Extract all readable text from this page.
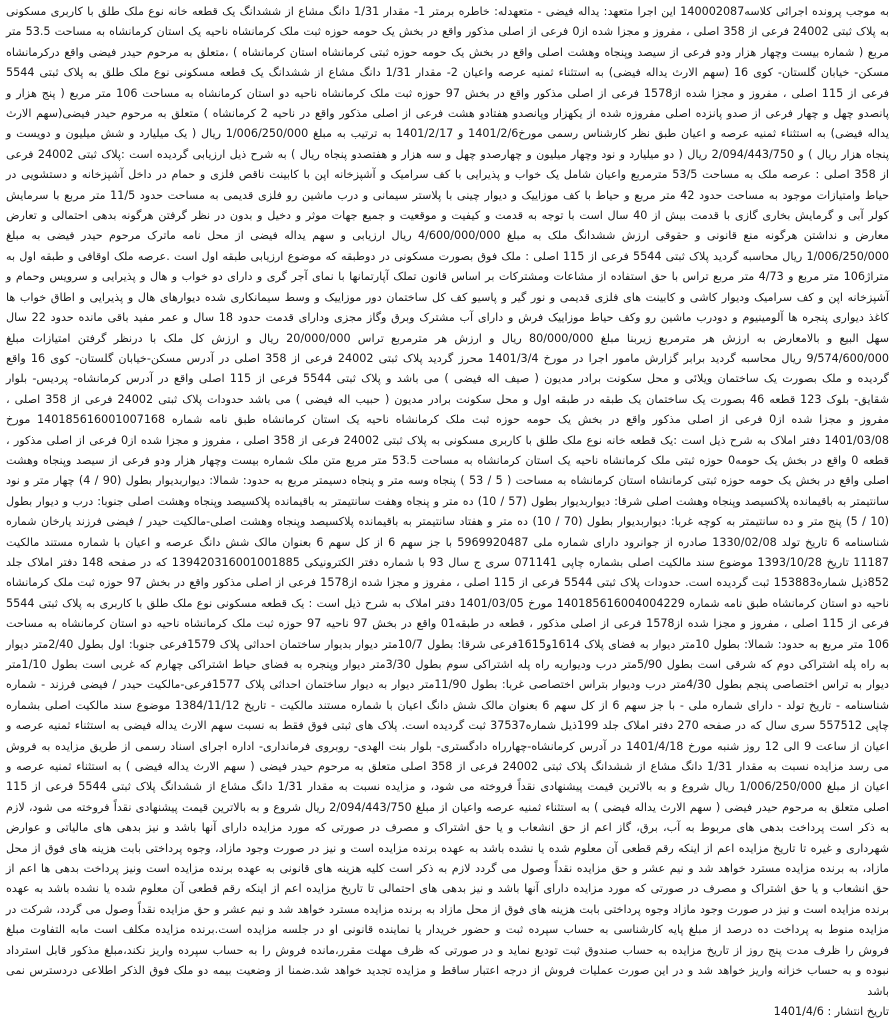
به موجب پرونده اجرائی کلاسه140002087 این اجرا متعهد: یداله فیضی - متعهدله: خاطره برمتر 1- مقدار 1/31 دانگ مشاع از ششدانگ یک قطعه خانه نوع ملک طلق با کاربری مسکونی به پلاک ثبتی 24002 فرعی از 358 اصلی ، مفروز و مجزا شده از0 فرعی از اصلی مذکور واقع در بخش یک حومه حوزه ثبت ملک کرمانشاه ناحیه یک استان کرمانشاه به مساحت 53.5 متر مربع ( شماره بیست وچهار هزار ودو فرعی از سیصد وپنجاه وهشت اصلی واقع در بخش یک حومه حوزه ثبتی کرمانشاه استان کرمانشاه ) ،متعلق به مرحوم حیدر فیضی واقع درکرمانشاه مسکن- خیابان گلستان- کوی 16 (سهم الارث یداله فیضی) به استثناء ثمنیه عرصه واعیان 2- مقدار 1/31 دانگ مشاع از ششدانگ یک قطعه مسکونی نوع ملک طلق به پلاک ثبتی 5544 فرعی از 115 اصلی ، مفروز و مجزا شده از1578 فرعی از اصلی مذکور واقع در بخش 97 حوزه ثبت ملک کرمانشاه ناحیه دو استان کرمانشاه به مساحت 106 متر مربع ( پنج هزار و پانصدو چهل و چهار فرعی از صدو پانزده اصلی مفروزه شده از یکهزار وپانصدو هفتادو هشت فرعی از اصلی مذکور واقع در ناحیه 2 کرمانشاه ) متعلق به مرحوم حیدر فیضی(سهم الارث یداله فیضی) به استثناء ثمنیه عرصه و اعیان طبق نظر کارشناس رسمی مورخ1401/2/6 و 1401/2/17 به ترتیب به مبلغ 1/006/250/000 ریال ( یک میلیارد و شش میلیون و دویست و پنجاه هزار ریال ) و 2/094/443/750 ریال ( دو میلیارد و نود وچهار میلیون و چهارصدو چهل و سه هزار و هفتصدو پنجاه ریال ) به شرح ذیل ارزیابی گردیده است :پلاک ثبتی 24002 فرعی از 358 اصلی : عرصه ملک به مساحت 53/5 مترمربع واعیان شامل یک خواب و پذیرایی با کف سرامیک و آشپزخانه اپن با کابینت ناقص فلزی و حمام در داخل آشپزخانه و دستشویی در حیاط وامتیازات موجود به مساحت حدود 42 متر مربع و حیاط با کف موزاییک و دیوار چینی با پلاستر سیمانی و درب ماشین رو فلزی قدیمی به مساحت حدود 11/5 متر مربع با سرمایش کولر آبی و گرمایش بخاری گازی با قدمت بیش از 40 سال است با توجه به قدمت و کیفیت و موقعیت و جمیع جهات موثر و دخیل و بدون در نظر گرفتن هرگونه بدهی احتمالی و تعارض معارض و نداشتن هرگونه منع قانونی و حقوقی ارزش ششدانگ ملک به مبلغ 4/600/000/000 ریال ارزیابی و سهم یداله فیضی از محل نامه ماترک مرحوم حیدر فیضی به مبلغ 1/006/250/000 ریال محاسبه گردید پلاک ثبتی 5544 فرعی از 115 اصلی : ملک فوق بصورت مسکونی در دوطبقه که موضوع ارزیابی طبقه اول است .عرصه ملک اوقافی و طبقه اول به متراژ106 متر مربع و 4/73 متر مربع تراس با حق استفاده از مشاعات ومشترکات بر اساس قانون تملک آپارتمانها با نمای آجر گری و دارای دو خواب و هال و پذیرایی و سرویس وحمام و آشپزخانه اپن و کف سرامیک ودیوار کاشی و کابینت های فلزی قدیمی و نور گیر و پاسیو کف کل ساختمان دور موزاییک و وسط سیمانکاری شده دیوارهای هال و پذیرایی و اطاق خواب ها کاغذ دیواری پنجره ها آلومینیوم و دودرب ماشین رو وکف حیاط موزاییک فرش و دارای آب مشترک وبرق وگاز مجزی ودارای قدمت حدود 18 سال و عمر مفید باقی مانده حدود 22 سال سهل البیع و بالامعارض به ارزش هر مترمربع زیربنا مبلغ 80/000/000 ریال و ارزش هر مترمربع تراس 20/000/000 ریال و ارزش کل ملک با درنظر گرفتن امتیازات مبلغ 9/574/600/000 ریال محاسبه گردید برابر گزارش مامور اجرا در مورخ 1401/3/4 محرز گردید پلاک ثبتی 24002 فرعی از 358 اصلی در آدرس مسکن-خیابان گلستان- کوی 16 واقع گردیده و ملک بصورت یک ساختمان ویلائی و محل سکونت برادر مدیون ( صیف اله فیضی ) می باشد و پلاک ثبتی 5544 فرعی از 115 اصلی واقع در آدرس کرمانشاه- پردیس- بلوار شقایق- بلوک 123 قطعه 46 بصورت یک ساختمان یک طبقه در طبقه اول و محل سکونت برادر مدیون ( حبیب اله فیضی ) می باشد حدودات پلاک ثبتی 24002 فرعی از 358 اصلی ، مفروز و مجزا شده از0 فرعی از اصلی مذکور واقع در بخش یک حومه حوزه ثبت ملک کرمانشاه ناحیه یک استان کرمانشاه طبق نامه شماره 140185616001007168 مورخ 1401/03/08 دفتر املاک به شرح ذیل است :یک قطعه خانه نوع ملک طلق با کاربری مسکونی به پلاک ثبتی 24002 فرعی از 358 اصلی ، مفروز و مجزا شده از0 فرعی از اصلی مذکور ، قطعه 0 واقع در بخش یک حومه0 حوزه ثبتی ملک کرمانشاه ناحیه یک استان کرمانشاه به مساحت 53.5 متر مربع متن ملک شماره بیست وچهار هزار ودو فرعی از سیصد وپنجاه وهشت اصلی واقع در بخش یک حومه حوزه ثبتی کرمانشاه استان کرمانشاه به مساحت ( 5 / 53 ) پنجاه وسه متر و پنجاه دسیمتر مربع به حدود: شمالا: دیواربدیوار بطول (90 / 4) چهار متر و نود سانتیمتر به باقیمانده پلاکسیصد وپنجاه وهشت اصلی شرقا: دیواربدیوار بطول (57 / 10) ده متر و پنجاه وهفت سانتیمتر به باقیمانده پلاکسیصد وپنجاه وهشت اصلی جنوبا: درب و دیوار بطول (10 / 5) پنج متر و ده سانتیمتر به کوچه غربا: دیواربدیوار بطول (70 / 10) ده متر و هفتاد سانتیمتر به باقیمانده پلاکسیصد وپنجاه وهشت اصلی-مالکیت حیدر / فیضی فرزند یارخان شماره شناسنامه 6 تاریخ تولد 1330/02/08 صادره از جوانرود دارای شماره ملی 5969920487 با جز سهم 6 از کل سهم 6 بعنوان مالک شش دانگ عرصه و اعیان با شماره مستند مالکیت 11187 تاریخ 1393/10/28 موضوع سند مالکیت اصلی بشماره چاپی 071141 سری ج سال 93 با شماره دفتر الکترونیکی 139420316001001885 که در صفحه 148 دفتر املاک جلد 852ذیل شماره153883 ثبت گردیده است. حدودات پلاک ثبتی 5544 فرعی از 115 اصلی ، مفروز و مجزا شده از1578 فرعی از اصلی مذکور واقع در بخش 97 حوزه ثبت ملک کرمانشاه ناحیه دو استان کرمانشاه طبق نامه شماره 140185616004004229 مورخ 1401/03/05 دفتر املاک به شرح ذیل است : یک قطعه مسکونی نوع ملک طلق با کاربری به پلاک ثبتی 5544 فرعی از 115 اصلی ، مفروز و مجزا شده از1578 فرعی از اصلی مذکور ، قطعه در طبقه01 واقع در بخش 97 ناحیه 97 حوزه ثبت ملک کرمانشاه ناحیه دو استان کرمانشاه به مساحت 106 متر مربع به حدود: شمالا: بطول 10متر دیوار به فضای پلاک 1614و1615فرعی شرقا: بطول 10/7متر دیوار بدیوار ساختمان احداثی پلاک 1579فرعی جنوبا: اول بطول 2/40متر دیوار به راه پله اشتراکی دوم که شرقی است بطول 5/90متر درب ودیواریه راه پله اشتراکی سوم بطول 3/30متر دیوار وپنجره به فضای حیاط اشتراکی چهارم که غربی است بطول 1/10متر دیوار به تراس اختصاصی پنجم بطول 4/30متر درب ودیوار بتراس اختصاصی غربا: بطول 11/90متر دیوار به دیوار ساختمان احداثی پلاک 1577فرعی-مالکیت حیدر / فیضی فرزند - شماره شناسنامه - تاریخ تولد - دارای شماره ملی - با جز سهم 6 از کل سهم 6 بعنوان مالک شش دانگ اعیان با شماره مستند مالکیت - تاریخ 1384/11/12 موضوع سند مالکیت اصلی بشماره چاپی 557512 سری سال که در صفحه 270 دفتر املاک جلد 199ذیل شماره37537 ثبت گردیده است. پلاک های ثبتی فوق فقط به نسبت سهم الارث یداله فیضی به استثناء ثمنیه عرصه و اعیان از ساعت 9 الی 12 روز شنبه مورخ 1401/4/18 در آدرس کرمانشاه-چهارراه دادگستری- بلوار بنت الهدی- روبروی فرمانداری- اداره اجرای اسناد رسمی از طریق مزایده به فروش می رسد مزایده نسبت به مقدار 1/31 دانگ مشاع از ششدانگ پلاک ثبتی 24002 فرعی از 358 اصلی متعلق به مرحوم حیدر فیضی ( سهم الارث یداله فیضی ) به استثناء ثمنیه عرصه و اعیان از مبلغ 1/006/250/000 ریال شروع و به بالاترین قیمت پیشنهادی نقداً فروخته می شود، و مزایده نسبت به مقدار 1/31 دانگ مشاع از ششدانگ پلاک ثبتی 5544 فرعی از 115 اصلی متعلق به مرحوم حیدر فیضی ( سهم الارث یداله فیضی ) به استثناء ثمنیه عرصه واعیان از مبلغ 2/094/443/750 ریال شروع و به بالاترین قیمت پیشنهادی نقداً فروخته می شود، لازم به ذکر است پرداخت بدهی های مربوط به آب، برق، گاز اعم از حق انشعاب و یا حق اشتراک و مصرف در صورتی که مورد مزایده دارای آنها باشد و نیز بدهی های مالیاتی و عوارض شهرداری و غیره تا تاریخ مزایده اعم از اینکه رقم قطعی آن معلوم شده یا نشده باشد به عهده برنده مزایده است و نیز در صورت وجود مازاد، وجوه پرداختی بابت هزینه های فوق از محل مازاد، به برنده مزایده مسترد خواهد شد و نیم عشر و حق مزایده نقداً وصول می گردد لازم به ذکر است کلیه هزینه های قانونی به عهده برنده مزایده است ونیز پرداخت بدهی ها اعم از حق انشعاب و یا حق اشتراک و مصرف در صورتی که مورد مزایده دارای آنها باشد و نیز بدهی های احتمالی تا تاریخ مزایده اعم از اینکه رقم قطعی آن معلوم شده یا نشده باشد به عهده برنده مزایده است و نیز در صورت وجود مازاد وجوه پرداختی بابت هزینه های فوق از محل مازاد به برنده مزایده مسترد خواهد شد و نیم عشر و حق مزایده نقداً وصول می گردد، شرکت در مزایده منوط به پرداخت ده درصد از مبلغ پایه کارشناسی به حساب سپرده ثبت و حضور خریدار یا نماینده قانونی او در جلسه مزایده است.برنده مزایده مکلف است مابه التفاوت مبلغ فروش را ظرف مدت پنج روز از تاریخ مزایده به حساب صندوق ثبت تودیع نماید و در صورتی که ظرف مهلت مقرر،مانده فروش را به حساب سپرده واریز نکند،مبلغ مذکور قابل استرداد نبوده و به حساب خزانه واریز خواهد شد و در این صورت عملیات فروش از درجه اعتبار ساقط و مزایده تجدید خواهد شد.ضمنا از وضعیت بیمه دو ملک فوق الذکر اطلاعی دردسترس نمی باشد

تاریخ انتشار : 1401/4/6
